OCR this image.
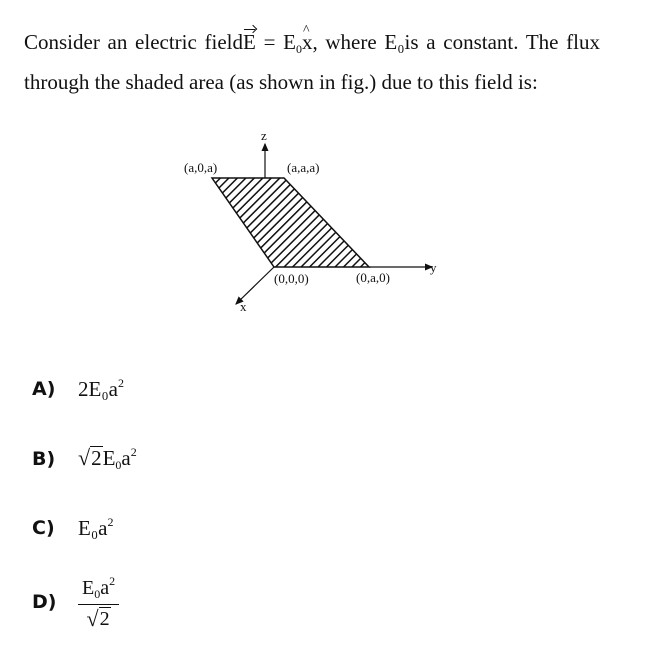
Consider an electric fieldE = $E_0x$ ^, where E₀is a constant. The flux through the shaded area (as shown in fig.) due to this field is:
z
y
x
(a,0,a)	(a,a,a)
(0,0,0)	(0,a,0)
A)	$2E_0a^2$
B)	√ 2 $E_0a^2$
C)	$E_0a^2$
D)	$\frac{E_0a^2}{√ 2}$
